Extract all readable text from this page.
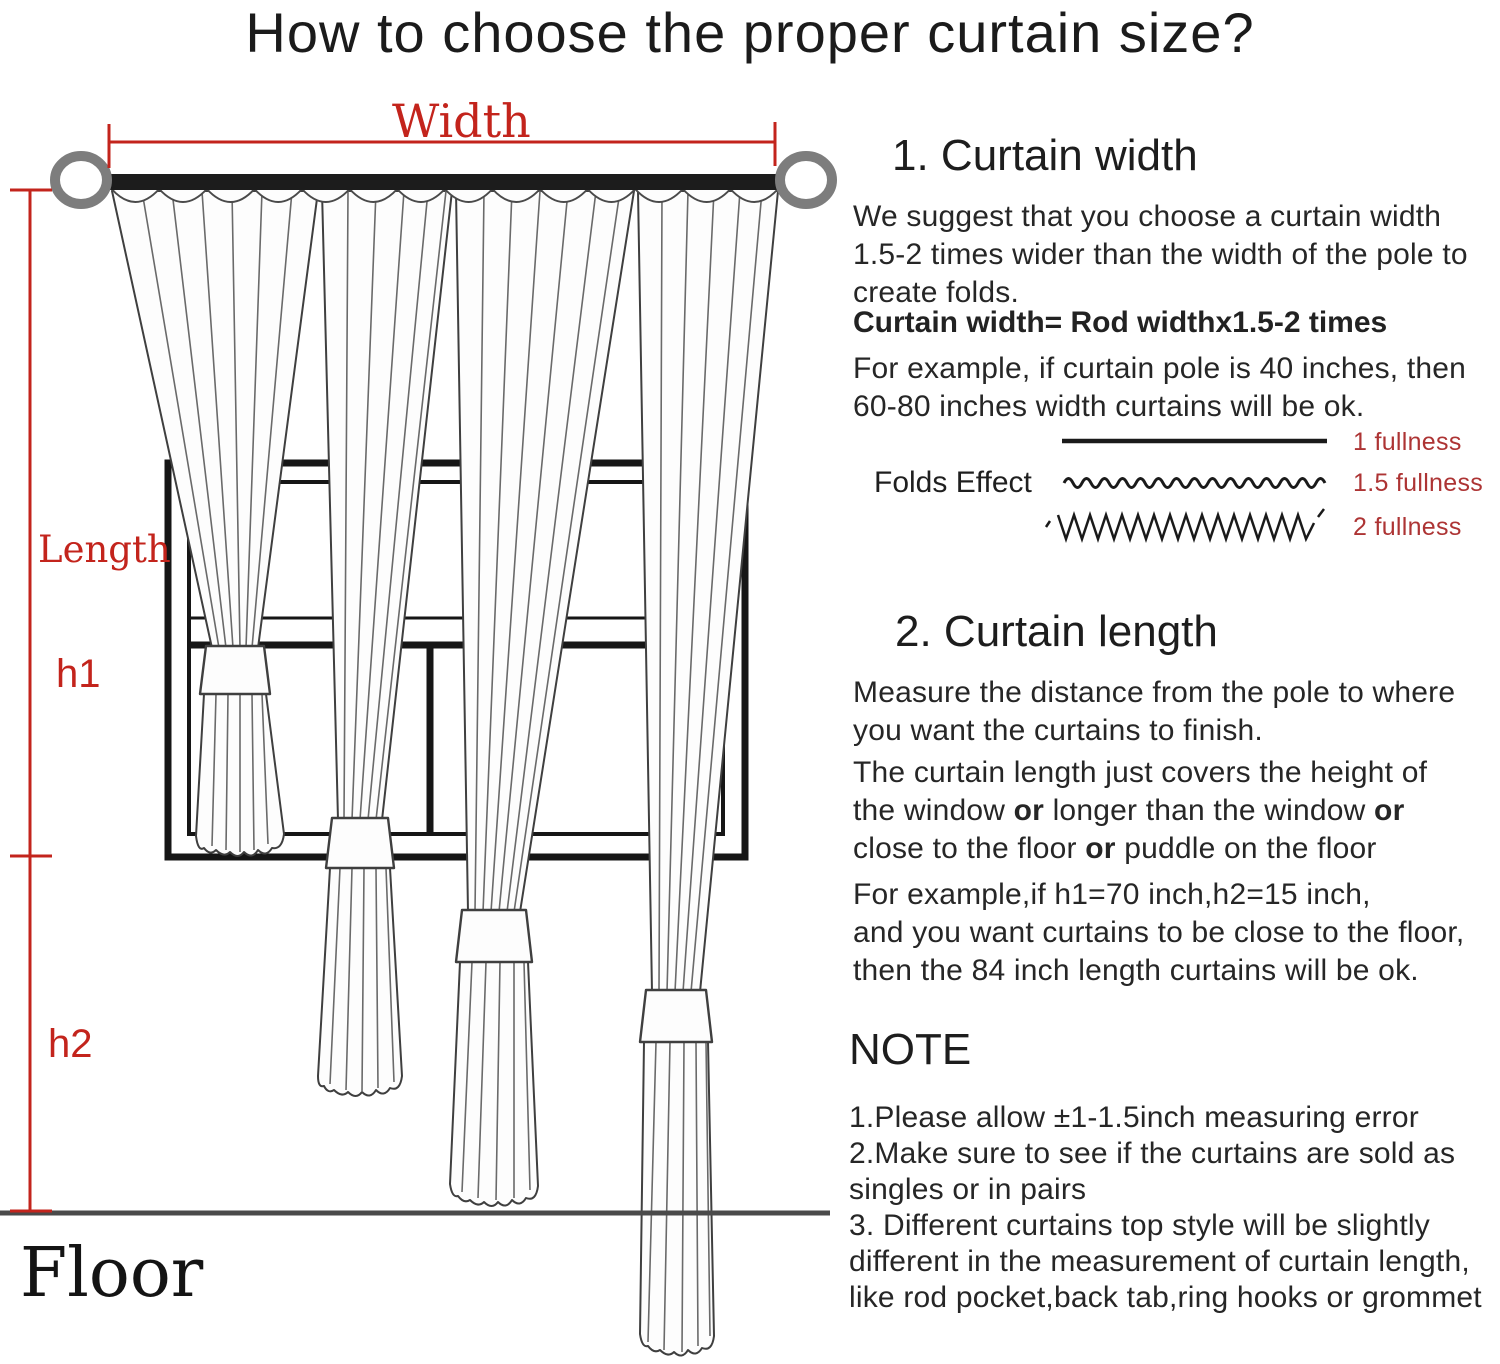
How to choose the proper curtain size?
Width
Length
h1
h2
Floor
1. Curtain width
We suggest that you choose a curtain width 1.5-2 times wider than the width of the pole to create folds.
Curtain width= Rod widthx1.5-2 times
For example, if curtain pole is 40 inches, then 60-80 inches width curtains will be ok.
Folds Effect
1 fullness
1.5 fullness
2 fullness
2. Curtain length
Measure the distance from the pole to where you want the curtains to finish.
The curtain length just covers the height of the window or longer than the window or close to the floor or puddle on the floor
For example,if h1=70 inch,h2=15 inch,
and you want curtains to be close to the floor,
then the 84 inch length curtains will be ok.
NOTE
1.Please allow ±1-1.5inch measuring error
2.Make sure to see if the curtains are sold as singles or in pairs
3. Different curtains top style will be slightly different in the measurement of curtain length, like rod pocket,back tab,ring hooks or grommet
